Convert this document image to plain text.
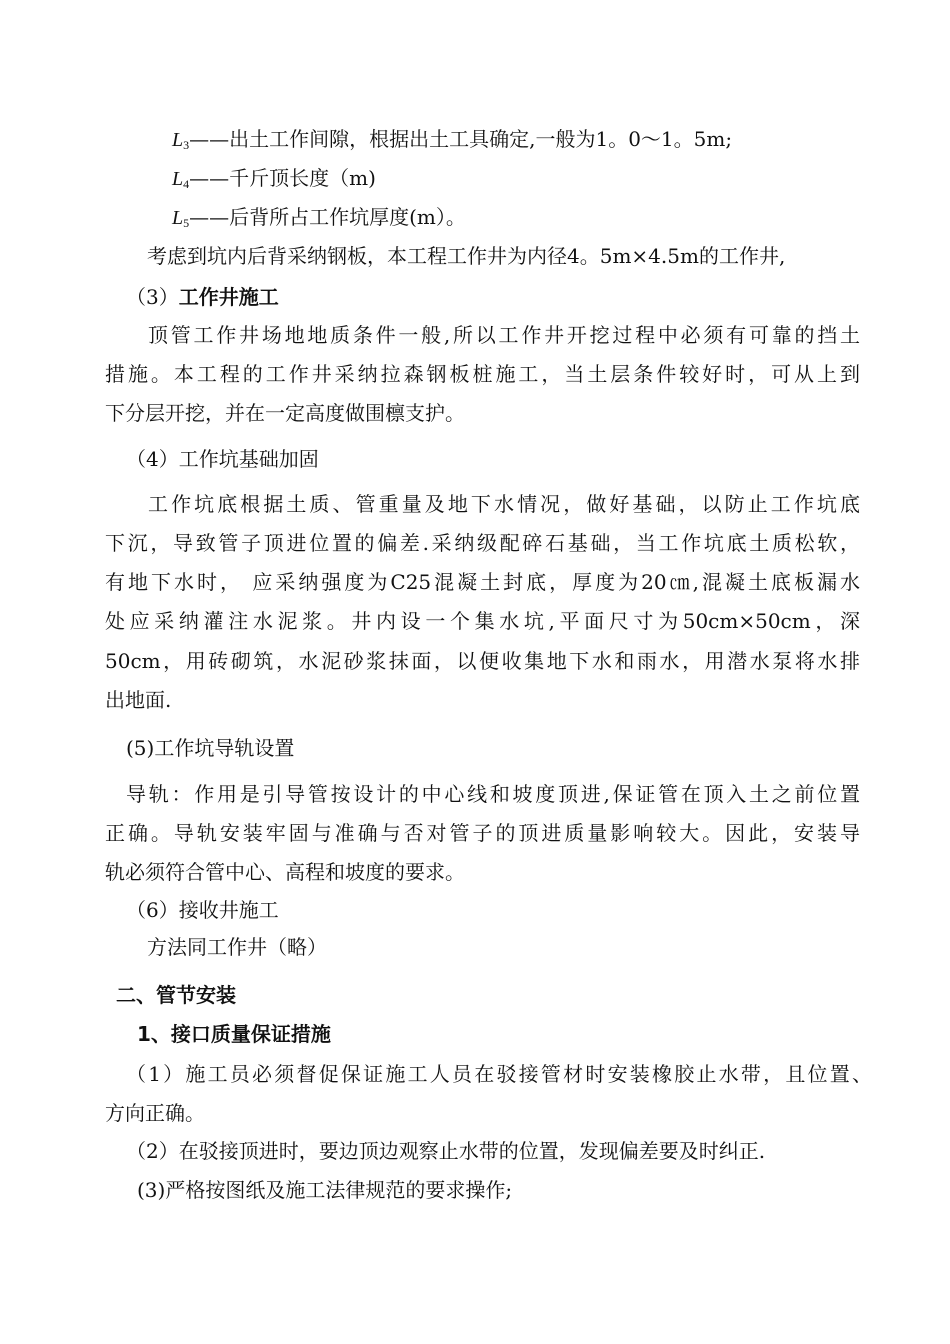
$L_3——$出土工作间隙，根据出土工具确定,一般为1。0～1。5m;
$L_4——$千斤顶长度（m)
$L_5——$后背所占工作坑厚度(m）。
考虑到坑内后背采纳钢板，本工程工作井为内径4。5m×4.5m的工作井,
（3）工作井施工
顶管工作井场地地质条件一般,所以工作井开挖过程中必须有可靠的挡土
措施。本工程的工作井采纳拉森钢板桩施工，当土层条件较好时，可从上到
下分层开挖，并在一定高度做围檩支护。
（4）工作坑基础加固
工作坑底根据土质、管重量及地下水情况，做好基础，以防止工作坑底
下沉，导致管子顶进位置的偏差.采纳级配碎石基础，当工作坑底土质松软，
有地下水时， 应采纳强度为C25混凝土封底，厚度为20㎝,混凝土底板漏水
处应采纳灌注水泥浆。井内设一个集水坑,平面尺寸为50cm×50cm，深
50cm，用砖砌筑，水泥砂浆抹面，以便收集地下水和雨水，用潜水泵将水排
出地面.
(5)工作坑导轨设置
导轨：作用是引导管按设计的中心线和坡度顶进,保证管在顶入土之前位置
正确。导轨安装牢固与准确与否对管子的顶进质量影响较大。因此，安装导
轨必须符合管中心、高程和坡度的要求。
（6）接收井施工
方法同工作井（略）
二、管节安装
1、接口质量保证措施
（1）施工员必须督促保证施工人员在驳接管材时安装橡胶止水带，且位置、
方向正确。
（2）在驳接顶进时，要边顶边观察止水带的位置，发现偏差要及时纠正.
(3)严格按图纸及施工法律规范的要求操作;
